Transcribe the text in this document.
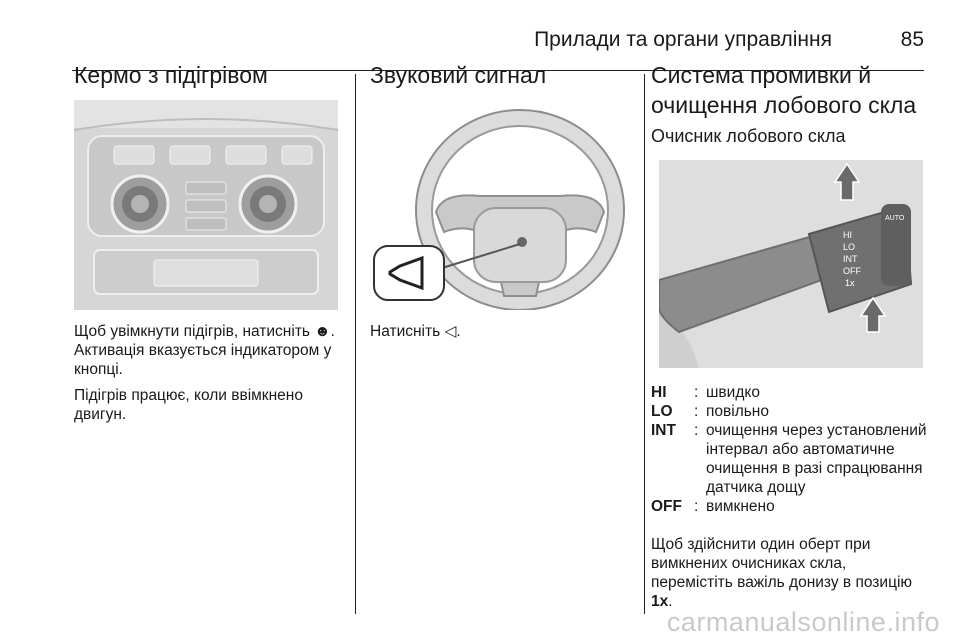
Прилади та органи управління	85
Кермо з підігрівом

Щоб увімкнути підігрів, натисніть ☻. Активація вказується індикатором у кнопці.

Підігрів працює, коли ввімкнено двигун.

Звуковий сигнал

Натисніть ◁.

Система промивки й очищення лобового скла
Очисник лобового скла
HI
LO
INT
OFF
1x
AUTO
HI	: швидко
LO	: повільно
INT	: очищення через установлений інтервал або автоматичне очищення в разі спрацювання датчика дощу
OFF : вимкнено

Щоб здійснити один оберт при вимкнених очисниках скла, перемістіть важіль донизу в позицію 1x.

carmanualsonline.info
